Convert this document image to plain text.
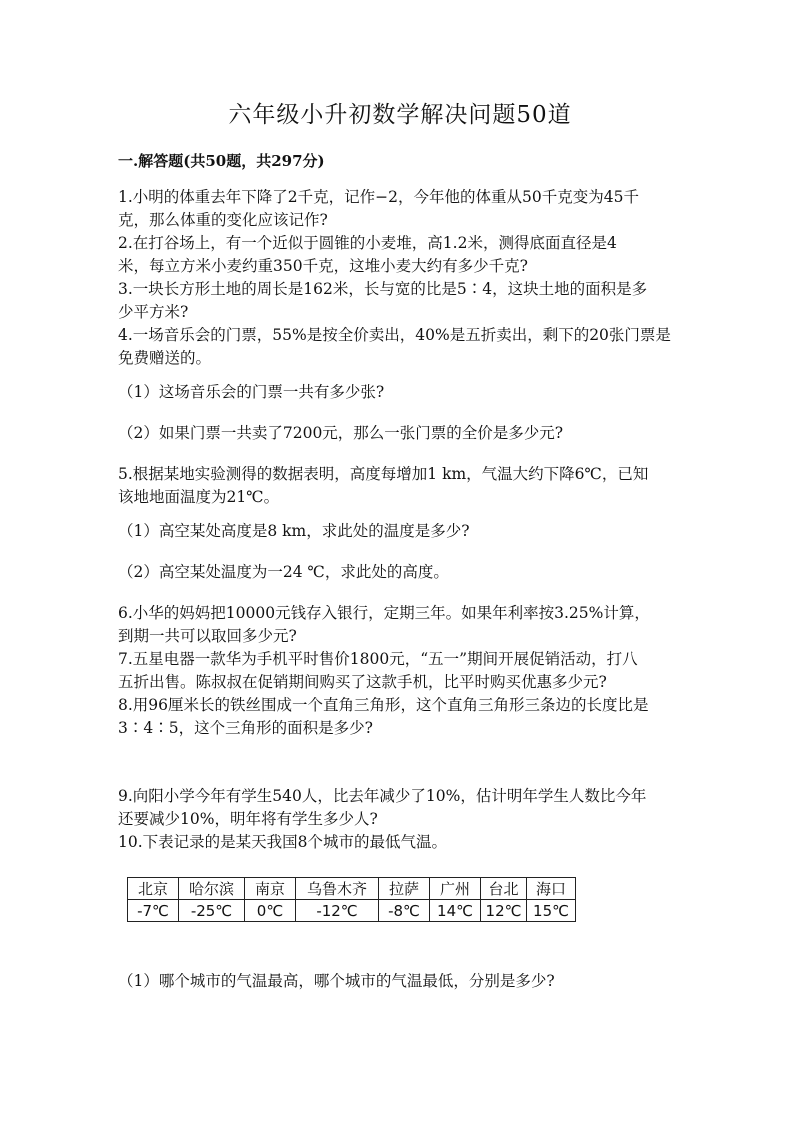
六年级小升初数学解决问题50道
一.解答题(共50题，共297分)
1.小明的体重去年下降了2千克，记作−2，今年他的体重从50千克变为45千
克，那么体重的变化应该记作?
2.在打谷场上，有一个近似于圆锥的小麦堆，高1.2米，测得底面直径是4
米，每立方米小麦约重350千克，这堆小麦大约有多少千克?
3.一块长方形土地的周长是162米，长与宽的比是5∶4，这块土地的面积是多
少平方米?
4.一场音乐会的门票，55%是按全价卖出，40%是五折卖出，剩下的20张门票是
免费赠送的。
（1）这场音乐会的门票一共有多少张?
（2）如果门票一共卖了7200元，那么一张门票的全价是多少元?
5.根据某地实验测得的数据表明，高度每增加1 km，气温大约下降6℃，已知
该地地面温度为21℃。
（1）高空某处高度是8 km，求此处的温度是多少?
（2）高空某处温度为一24 ℃，求此处的高度。
6.小华的妈妈把10000元钱存入银行，定期三年。如果年利率按3.25%计算，
到期一共可以取回多少元?
7.五星电器一款华为手机平时售价1800元，“五一”期间开展促销活动，打八
五折出售。陈叔叔在促销期间购买了这款手机，比平时购买优惠多少元?
8.用96厘米长的铁丝围成一个直角三角形，这个直角三角形三条边的长度比是
3∶4∶5，这个三角形的面积是多少?
9.向阳小学今年有学生540人，比去年减少了10%，估计明年学生人数比今年
还要减少10%，明年将有学生多少人?
10.下表记录的是某天我国8个城市的最低气温。
北京	哈尔滨	南京	乌鲁木齐	拉萨	广州	台北	海口
-7℃	-25℃	0℃	-12℃	-8℃	14℃	12℃	15℃
（1）哪个城市的气温最高，哪个城市的气温最低，分别是多少?
